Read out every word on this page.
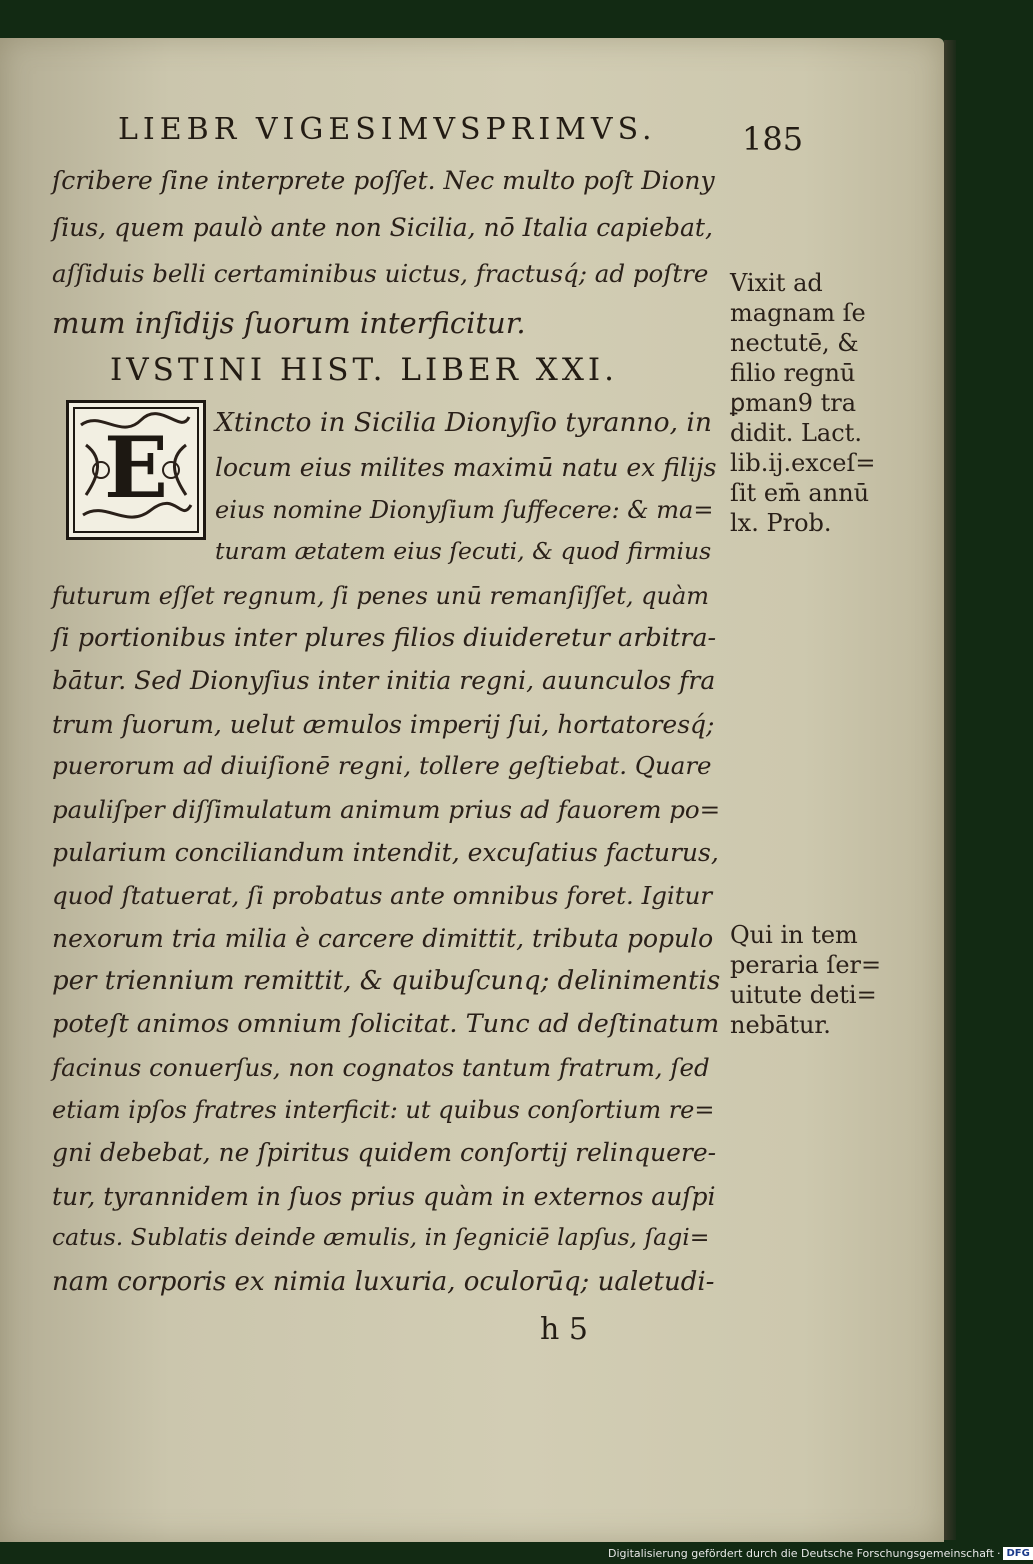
LIEBR VIGESIMVSPRIMVS.	185
ſcribere ſine interprete poſſet. Nec multo poſt Diony
ſius, quem paulò ante non Sicilia, nō Italia capiebat,
aſſiduis belli certaminibus uictus, fractusq́; ad poſtre
mum inſidijs ſuorum interficitur.
IVSTINI HIST. LIBER XXI.
E Xtincto in Sicilia Dionyſio tyranno, in
locum eius milites maximū natu ex filijs
eius nomine Dionyſium ſuffecere: & ma=
turam ætatem eius ſecuti, & quod firmius
futurum eſſet regnum, ſi penes unū remanſiſſet, quàm
ſi portionibus inter plures filios diuideretur arbitra-
bātur. Sed Dionyſius inter initia regni, auunculos fra
trum ſuorum, uelut æmulos imperij ſui, hortatoresq́;
puerorum ad diuiſionē regni, tollere geſtiebat. Quare
pauliſper diſſimulatum animum prius ad fauorem po=
pularium conciliandum intendit, excuſatius facturus,
quod ſtatuerat, ſi probatus ante omnibus foret. Igitur
nexorum tria milia è carcere dimittit, tributa populo
per triennium remittit, & quibuſcunq; delinimentis
poteſt animos omnium ſolicitat. Tunc ad deſtinatum
facinus conuerſus, non cognatos tantum fratrum, ſed
etiam ipſos fratres interficit: ut quibus conſortium re=
gni debebat, ne ſpiritus quidem conſortij relinquere-
tur, tyrannidem in ſuos prius quàm in externos auſpi
catus. Sublatis deinde æmulis, in ſegniciē lapſus, ſagi=
nam corporis ex nimia luxuria, oculorūq; ualetudi-
Vixit ad
magnam ſe
nectutē, &
filio regnū
ꝑman9 tra
didit. Lact.
lib.ij.exceſ=
ſit em̄ annū
lx. Prob.
Qui in tem
peraria ſer=
uitute deti=
nebātur.
h 5
Digitalisierung gefördert durch die Deutsche Forschungsgemeinschaft · DFG
